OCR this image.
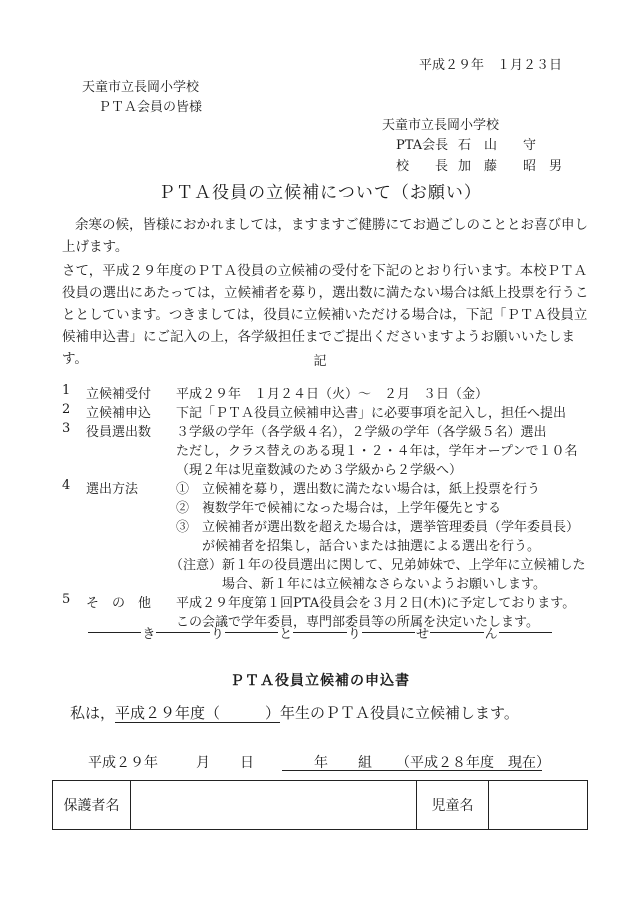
平成２９年　１月２３日
天童市立長岡小学校
ＰＴＡ会員の皆様
天童市立長岡小学校
PTA会長 石　山　　守
校　　長 加　藤　　昭　男
ＰＴＡ役員の立候補について（お願い）
余寒の候，皆様におかれましては，ますますご健勝にてお過ごしのこととお喜び申し上げます。
さて，平成２９年度のＰＴＡ役員の立候補の受付を下記のとおり行います。本校ＰＴＡ役員の選出にあたっては，立候補者を募り，選出数に満たない場合は紙上投票を行うこととしています。つきましては，役員に立候補いただける場合は，下記「ＰＴＡ役員立候補申込書」にご記入の上，各学級担任までご提出くださいますようお願いいたします。	記
1 立候補受付 平成２９年　１月２４日（火）～　２月　３日（金）
2 立候補申込 下記「ＰＴＡ役員立候補申込書」に必要事項を記入し，担任へ提出
3 役員選出数 ３学級の学年（各学級４名），２学級の学年（各学級５名）選出
ただし，クラス替えのある現１・２・４年は，学年オープンで１０名
（現２年は児童数減のため３学級から２学級へ）
4 選出方法	①　立候補を募り，選出数に満たない場合は，紙上投票を行う
②　複数学年で候補になった場合は，上学年優先とする
③　立候補者が選出数を超えた場合は，選挙管理委員（学年委員長）
　　が候補者を招集し，話合いまたは抽選による選出を行う。
（注意）新１年の役員選出に関して、兄弟姉妹で、上学年に立候補した
　　　　場合、新１年には立候補なさらないようお願いします。
5 そ　の　他 平成２９年度第１回PTA役員会を３月２日(木)に予定しております。
この会議で学年委員，専門部委員等の所属を決定いたします。
き	り	と	り	せ	ん
ＰＴＡ役員立候補の申込書
私は，平成２９年度（　　　）年生のＰＴＡ役員に立候補します。
平成２９年	月 日	年 組 （平成２８年度　現在）
保護者名	児童名
